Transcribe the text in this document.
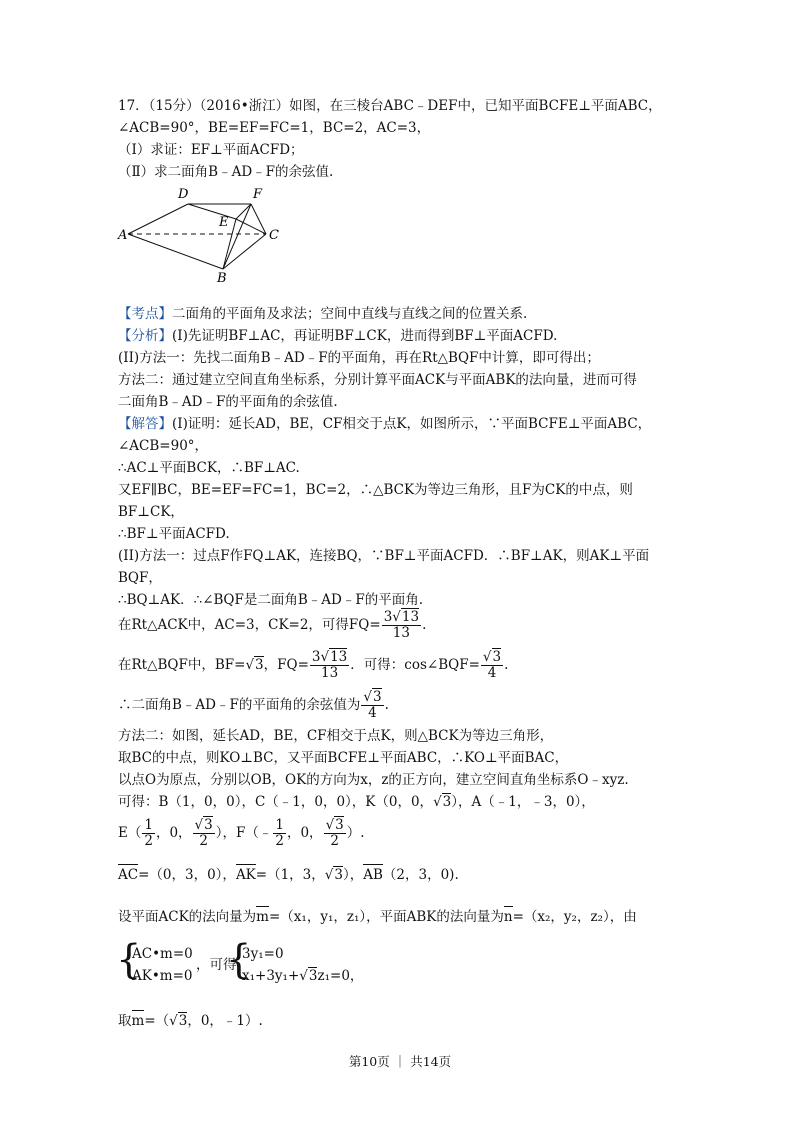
17．（15分）（2016•浙江）如图，在三棱台ABC﹣DEF中，已知平面BCFE⊥平面ABC，
∠ACB=90°，BE=EF=FC=1，BC=2，AC=3，
（Ⅰ）求证：EF⊥平面ACFD；
（Ⅱ）求二面角B﹣AD﹣F的余弦值.
D	F
E
A	C
B
【考点】二面角的平面角及求法；空间中直线与直线之间的位置关系.
【分析】(I)先证明BF⊥AC，再证明BF⊥CK，进而得到BF⊥平面ACFD.
(II)方法一：先找二面角B﹣AD﹣F的平面角，再在Rt△BQF中计算，即可得出；
方法二：通过建立空间直角坐标系，分别计算平面ACK与平面ABK的法向量，进而可得
二面角B﹣AD﹣F的平面角的余弦值.
【解答】(I)证明：延长AD，BE，CF相交于点K，如图所示，∵平面BCFE⊥平面ABC，
∠ACB=90°，
∴AC⊥平面BCK，∴BF⊥AC.
又EF∥BC，BE=EF=FC=1，BC=2，∴△BCK为等边三角形，且F为CK的中点，则
BF⊥CK，
∴BF⊥平面ACFD.
(II)方法一：过点F作FQ⊥AK，连接BQ，∵BF⊥平面ACFD．∴BF⊥AK，则AK⊥平面
BQF，
∴BQ⊥AK．∴∠BQF是二面角B﹣AD﹣F的平面角.
在Rt△ACK中，AC=3，CK=2，可得$FQ= \frac{3√13}{13}$ .
在Rt△BQF中，BF=√3，$FQ= \frac{3√13}{13}$ ．可得：cos∠BQF= $\frac{√3}{4}$ .
∴二面角B﹣AD﹣F的平面角的余弦值为 $\frac{√3}{4}$ .
方法二：如图，延长AD，BE，CF相交于点K，则△BCK为等边三角形，
取BC的中点，则KO⊥BC，又平面BCFE⊥平面ABC，∴KO⊥平面BAC，
以点O为原点，分别以OB，OK的方向为x，z的正方向，建立空间直角坐标系O﹣xyz.
可得：B（1，0，0），C（﹣1，0，0），K（0，0，√3），A（﹣1，﹣3，0），
$E( \frac{1}{2}$ ，0， $\frac{√3}{2}$ ），F（﹣ $\frac{1}{2}$ ，0， $\frac{√3}{2}$ ）.
AC=（0，3，0），AK=（1，3，√3），AB（2，3，0).
设平面ACK的法向量为m=（x₁，y₁，z₁），平面ABK的法向量为n=（x₂，y₂，z₂），由
{
AC•m=0
AK•m=0
，可得
{
3y₁=0
x₁+3y₁+√3z₁=0，
取m=（√3，0，﹣1）.
第10页 ｜ 共14页
